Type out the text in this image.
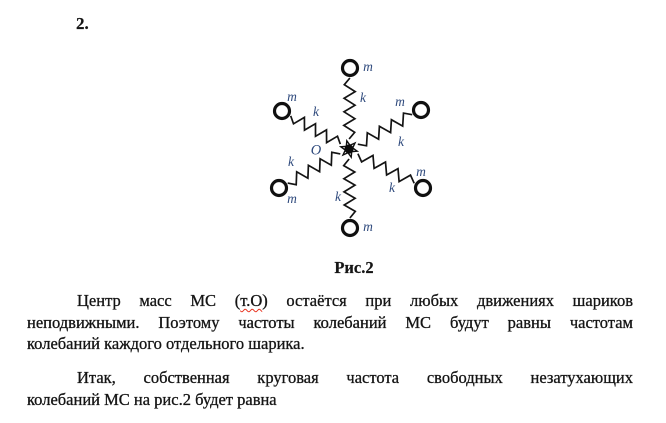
2.
O
m
m	m
m
m
m
k
k
k
k
k
k
Рис.2
Центр масс МС (т.О) остаётся при любых движениях шариков
неподвижными. Поэтому частоты колебаний МС будут равны частотам
колебаний каждого отдельного шарика.
Итак, собственная круговая частота свободных незатухающих
колебаний МС на рис.2 будет равна
